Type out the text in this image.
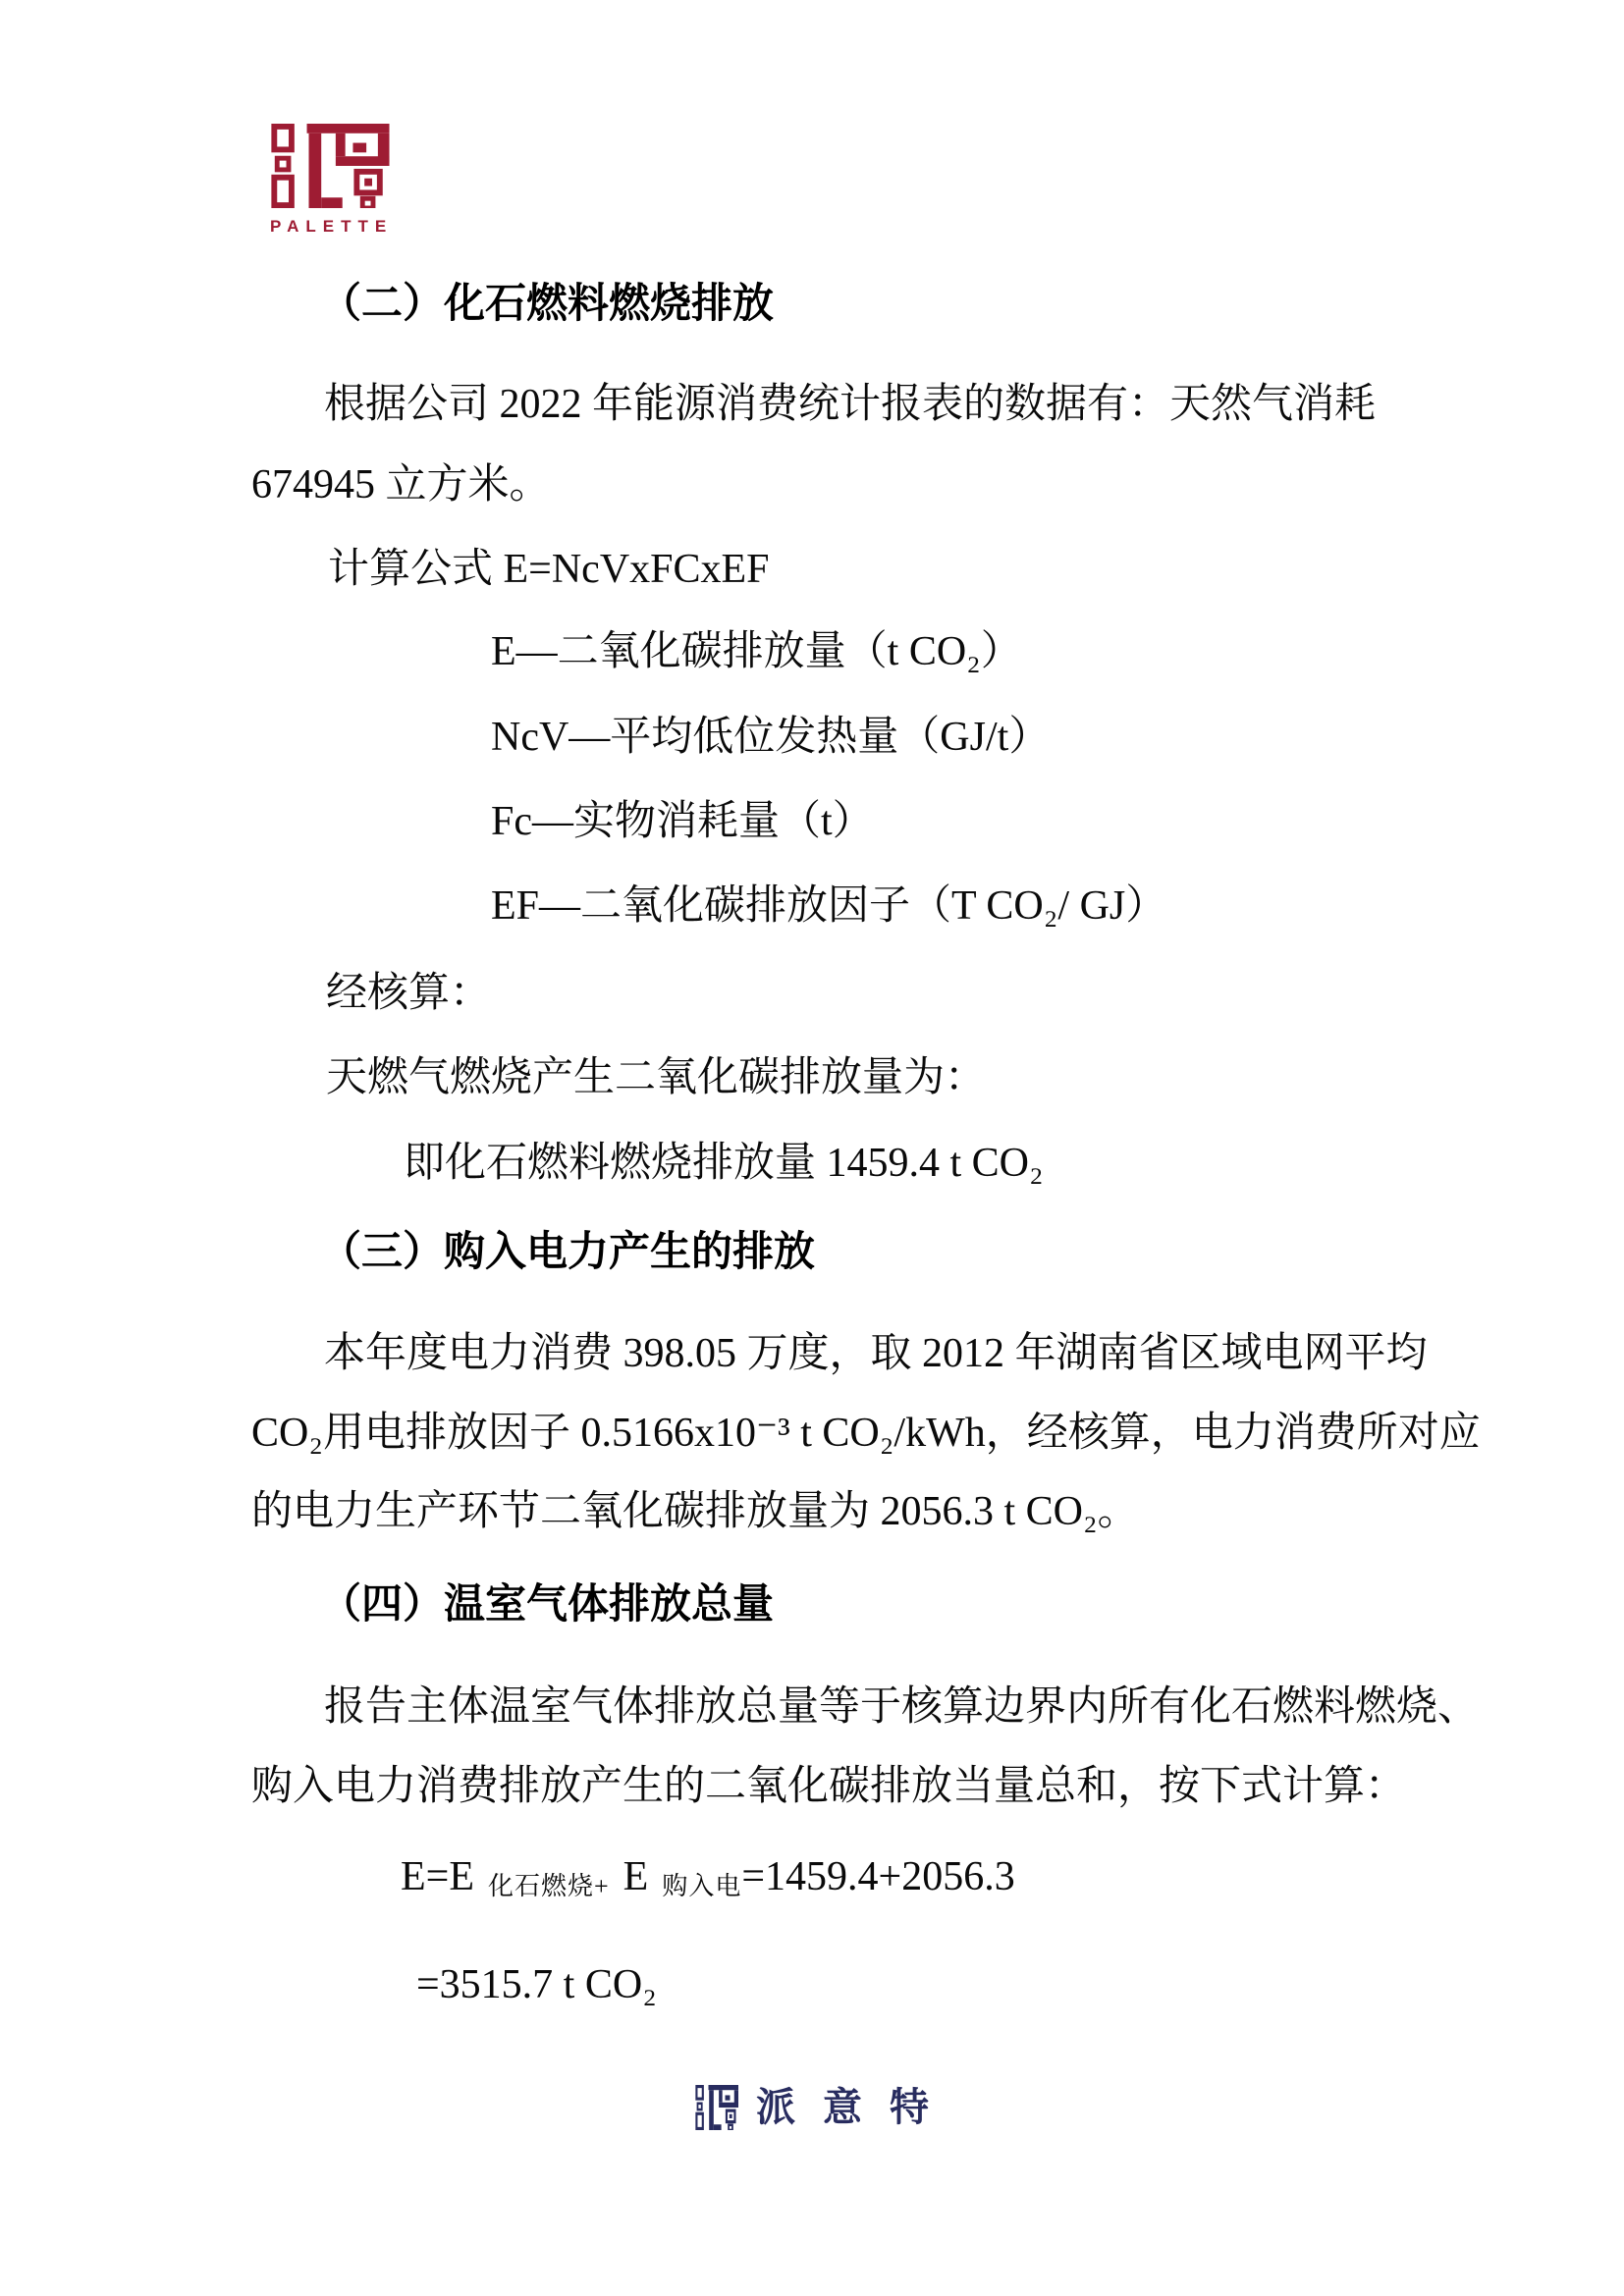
PALETTE
（二）化石燃料燃烧排放
根据公司 2022 年能源消费统计报表的数据有：天然气消耗
674945 立方米。
计算公式 E=NcVxFCxEF
E—二氧化碳排放量（t CO₂）
NcV—平均低位发热量（GJ/t）
Fc—实物消耗量（t）
EF—二氧化碳排放因子（T CO₂/ GJ）
经核算：
天燃气燃烧产生二氧化碳排放量为：
即化石燃料燃烧排放量 1459.4 t CO₂
（三）购入电力产生的排放
本年度电力消费 398.05 万度，取 2012 年湖南省区域电网平均
CO₂用电排放因子 0.5166x10⁻³ t CO₂/kWh，经核算，电力消费所对应
的电力生产环节二氧化碳排放量为 2056.3 t CO₂。
（四）温室气体排放总量
报告主体温室气体排放总量等于核算边界内所有化石燃料燃烧、
购入电力消费排放产生的二氧化碳排放当量总和，按下式计算：
E=E 化石燃烧+ E 购入电=1459.4+2056.3
=3515.7 t CO₂
派意特
